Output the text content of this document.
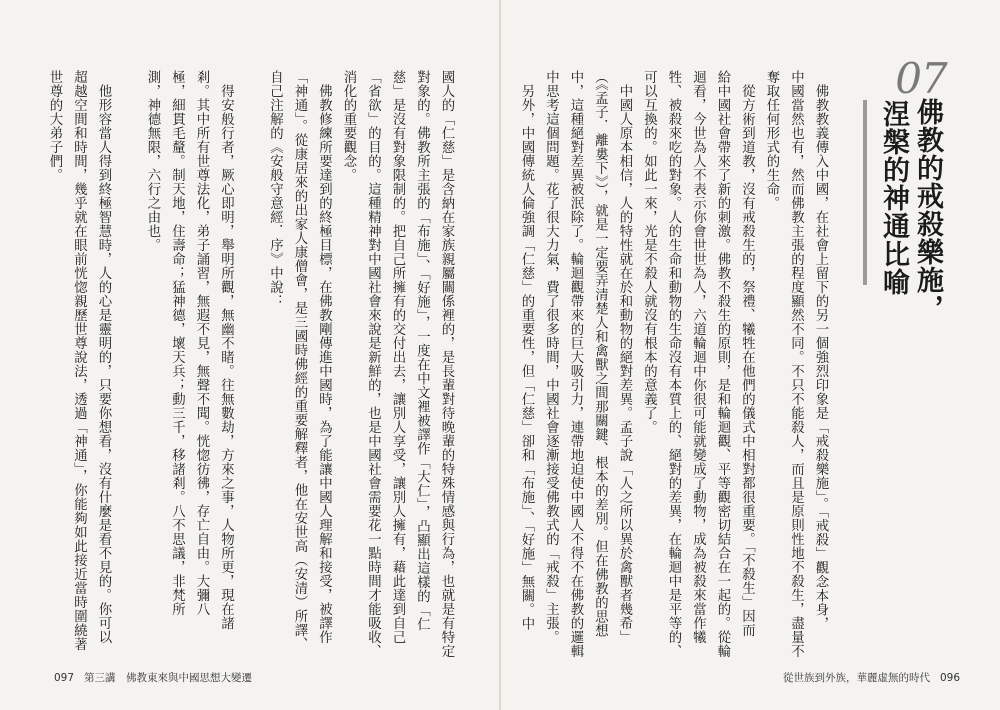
國人的「仁慈」是含納在家族親屬關係裡的，是長輩對待晚輩的特殊情感與行為，也就是有特定
對象的。佛教所主張的「布施」、「好施」，一度在中文裡被譯作「大仁」，凸顯出這樣的「仁
慈」是沒有對象限制的。把自己所擁有的交付出去，讓別人享受，讓別人擁有，藉此達到自己
「省欲」的目的。這種精神對中國社會來說是新鮮的，也是中國社會需要花一點時間才能吸收、
消化的重要觀念。
　佛教修練所要達到的終極目標，在佛教剛傳進中國時，為了能讓中國人理解和接受，被譯作
「神通」。從康居來的出家人康僧會，是三國時佛經的重要解釋者，他在安世高（安清）所譯、
自己注解的《安般守意經．序》中說：

　得安般行者，厥心即明，舉明所觀，無幽不睹。往無數劫，方來之事，人物所更，現在諸
剎。其中所有世尊法化，弟子誦習，無遐不見，無聲不聞。恍惚彷彿，存亡自由。大彌八
極，細貫毛釐。制天地，住壽命；猛神德，壞天兵；動三千，移諸剎。八不思議，非梵所
測，神德無限，六行之由也。

　他形容當人得到終極智慧時，人的心是靈明的，只要你想看，沒有什麼是看不見的。你可以
超越空間和時間，幾乎就在眼前恍惚親歷世尊說法，透過「神通」，你能夠如此接近當時圍繞著
世尊的大弟子們。
097 第三講　佛教東來與中國思想大變遷
07
佛教的戒殺樂施，
涅槃的神通比喻
　佛教教義傳入中國，在社會上留下的另一個強烈印象是「戒殺樂施」。「戒殺」觀念本身，
中國當然也有，然而佛教主張的程度顯然不同。不只不能殺人，而且是原則性地不殺生，盡量不
奪取任何形式的生命。
　從方術到道教，沒有戒殺生的，祭禮、犧牲在他們的儀式中相對都很重要。「不殺生」因而
給中國社會帶來了新的刺激。佛教不殺生的原則，是和輪迴觀、平等觀密切結合在一起的。從輪
迴看，今世為人不表示你會世世為人，六道輪迴中你很可能就變成了動物，成為被殺來當作犧
牲、被殺來吃的對象。人的生命和動物的生命沒有本質上的、絕對的差異，在輪迴中是平等的、
可以互換的。如此一來，光是不殺人就沒有根本的意義了。
　中國人原本相信，人的特性就在於和動物的絕對差異。孟子說「人之所以異於禽獸者幾希」
（《孟子．離婁下》），就是一定要弄清楚人和禽獸之間那關鍵、根本的差別。但在佛教的思想
中，這種絕對差異被泯除了。輪迴觀帶來的巨大吸引力，連帶地迫使中國人不得不在佛教的邏輯
中思考這個問題。花了很大力氣，費了很多時間，中國社會逐漸接受佛教式的「戒殺」主張。
　另外，中國傳統人倫強調「仁慈」的重要性，但「仁慈」卻和「布施」、「好施」無關。中
從世族到外族，華麗虛無的時代 096
